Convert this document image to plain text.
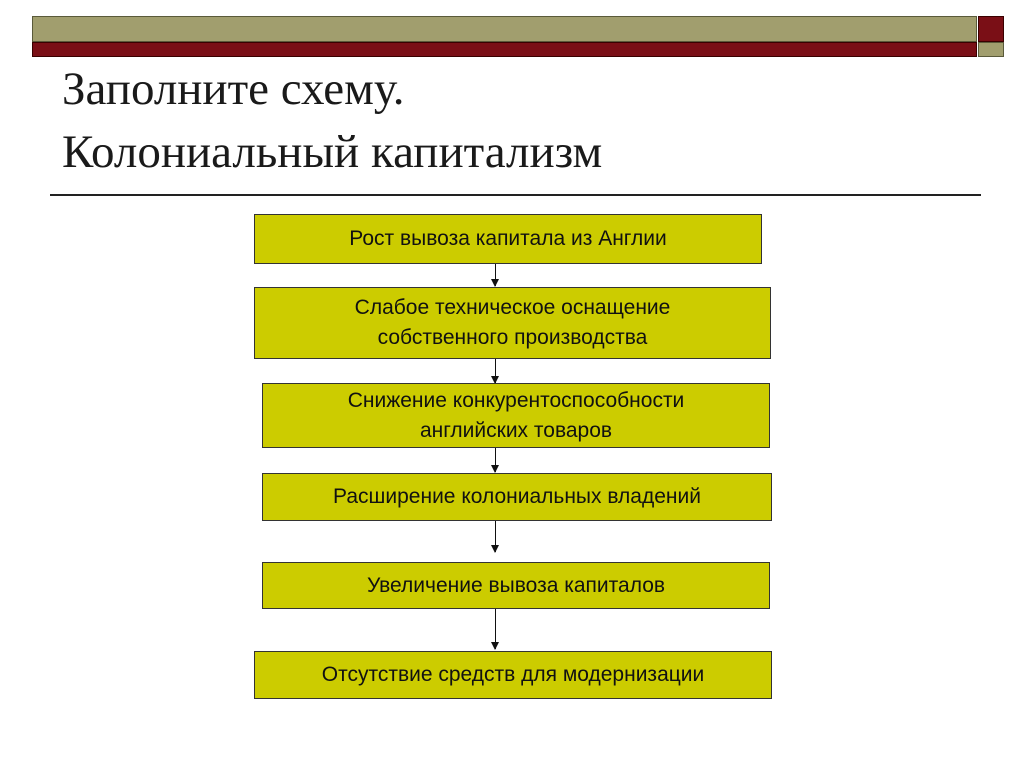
Заполните схему.
Колониальный капитализм
Рост вывоза капитала из Англии
Слабое техническое оснащение
собственного производства
Снижение конкурентоспособности
английских товаров
Расширение колониальных владений
Увеличение вывоза капиталов
Отсутствие средств для модернизации
